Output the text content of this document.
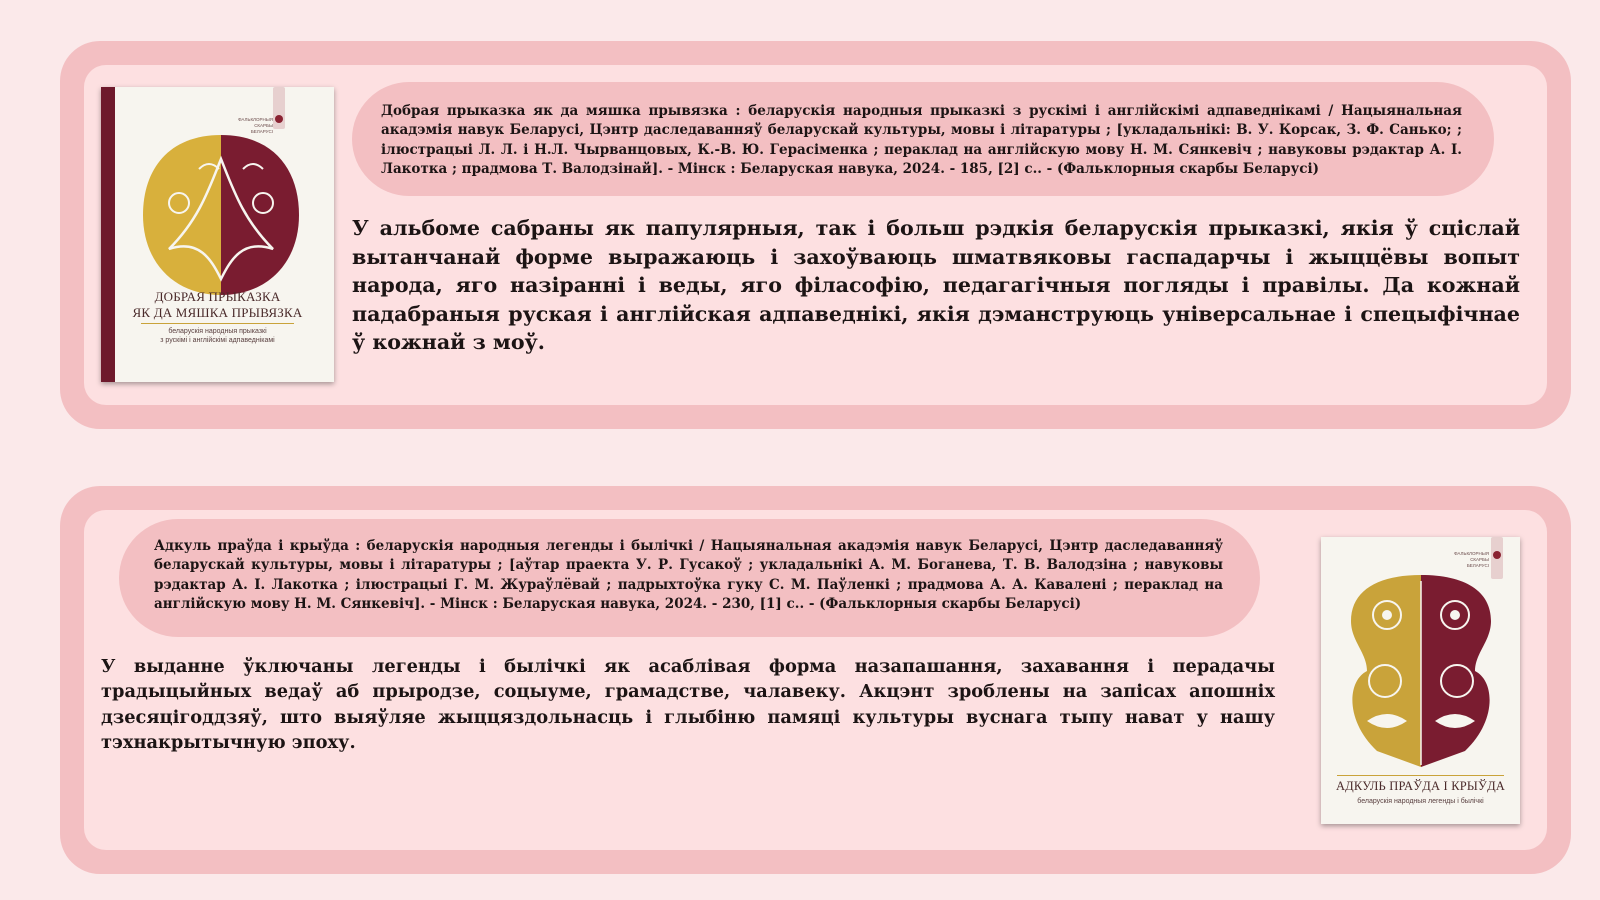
ФАЛЬКЛОРНЫЯ СКАРБЫ БЕЛАРУСІ
ДОБРАЯ ПРЫКАЗКА
ЯК ДА МЯШКА ПРЫВЯЗКА
беларускія народныя прыказкі
з рускімі і англійскімі адпаведнікамі

Добрая прыказка як да мяшка прывязка : беларускія народныя прыказкі з рускімі і англійскімі адпаведнікамі / Нацыянальная акадэмія навук Беларусі, Цэнтр даследаванняў беларускай культуры, мовы і літаратуры ; [укладальнікі: В. У. Корсак, З. Ф. Санько; ; ілюстрацыі Л. Л. і Н.Л. Чырванцовых, К.-В. Ю. Герасіменка ; пераклад на англійскую мову Н. М. Сянкевіч ; навуковы рэдактар А. І. Лакотка ; прадмова Т. Валодзінай]. - Мінск : Беларуская навука, 2024. - 185, [2] с.. - (Фальклорныя скарбы Беларусі)

У альбоме сабраны як папулярныя, так і больш рэдкія беларускія прыказкі, якія ў сціслай вытанчанай форме выражаюць і захоўваюць шматвяковы гаспадарчы і жыццёвы вопыт народа, яго назіранні і веды, яго філасофію, педагагічныя погляды і правілы. Да кожнай падабраныя руская і англійская адпаведнікі, якія дэманструюць універсальнае і спецыфічнае ў кожнай з моў.

Адкуль праўда і крыўда : беларускія народныя легенды і былічкі / Нацыянальная акадэмія навук Беларусі, Цэнтр даследаванняў беларускай культуры, мовы і літаратуры ; [аўтар праекта У. Р. Гусакоў ; укладальнікі А. М. Боганева, Т. В. Валодзіна ; навуковы рэдактар А. І. Лакотка ; ілюстрацыі Г. М. Жураўлёвай ; падрыхтоўка гуку С. М. Паўленкі ; прадмова А. А. Кавалені ; пераклад на англійскую мову Н. М. Сянкевіч]. - Мінск : Беларуская навука, 2024. - 230, [1] с.. - (Фальклорныя скарбы Беларусі)

У выданне ўключаны легенды і былічкі як асаблівая форма назапашання, захавання і перадачы традыцыйных ведаў аб прыродзе, соцыуме, грамадстве, чалавеку. Акцэнт зроблены на запісах апошніх дзесяцігоддзяў, што выяўляе жыццяздольнасць і глыбіню памяці культуры вуснага тыпу нават у нашу тэхнакрытычную эпоху.

ФАЛЬКЛОРНЫЯ СКАРБЫ БЕЛАРУСІ
АДКУЛЬ ПРАЎДА І КРЫЎДА
беларускія народныя легенды і былічкі
